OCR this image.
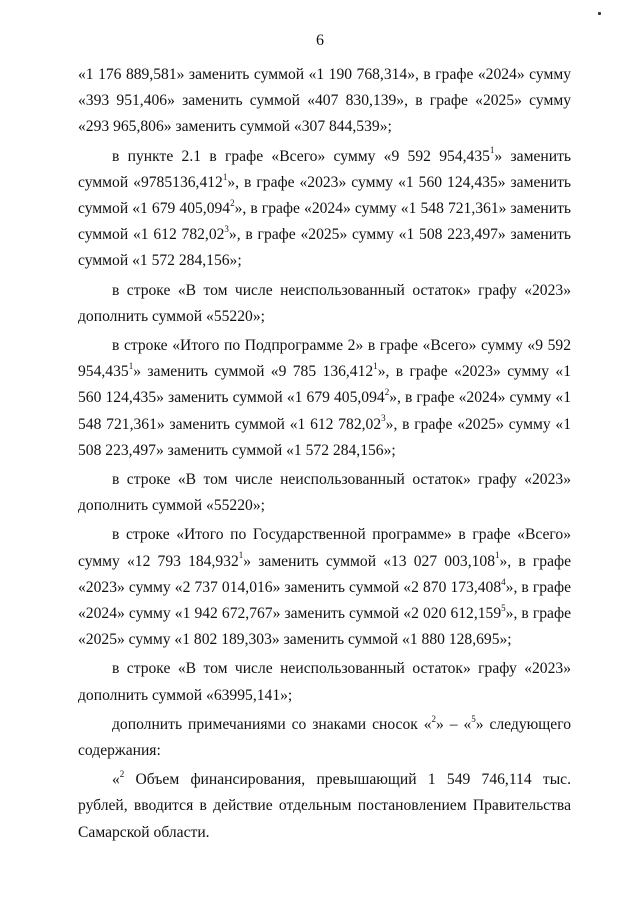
6

«1 176 889,581» заменить суммой «1 190 768,314», в графе «2024» сумму «393 951,406» заменить суммой «407 830,139», в графе «2025» сумму «293 965,806» заменить суммой «307 844,539»;

в пункте 2.1 в графе «Всего» сумму «9 592 954,435$^1$» заменить суммой «9785136,412$^1$», в графе «2023» сумму «1 560 124,435» заменить суммой «1 679 405,094$^2$», в графе «2024» сумму «1 548 721,361» заменить суммой «1 612 782,02$^3$», в графе «2025» сумму «1 508 223,497» заменить суммой «1 572 284,156»;

в строке «В том числе неиспользованный остаток» графу «2023» дополнить суммой «55220»;

в строке «Итого по Подпрограмме 2» в графе «Всего» сумму «9 592 954,435$^1$» заменить суммой «9 785 136,412$^1$», в графе «2023» сумму «1 560 124,435» заменить суммой «1 679 405,094$^2$», в графе «2024» сумму «1 548 721,361» заменить суммой «1 612 782,02$^3$», в графе «2025» сумму «1 508 223,497» заменить суммой «1 572 284,156»;

в строке «В том числе неиспользованный остаток» графу «2023» дополнить суммой «55220»;

в строке «Итого по Государственной программе» в графе «Всего» сумму «12 793 184,932$^1$» заменить суммой «13 027 003,108$^1$», в графе «2023» сумму «2 737 014,016» заменить суммой «2 870 173,408$^4$», в графе «2024» сумму «1 942 672,767» заменить суммой «2 020 612,159$^5$», в графе «2025» сумму «1 802 189,303» заменить суммой «1 880 128,695»;

в строке «В том числе неиспользованный остаток» графу «2023» дополнить суммой «63995,141»;

дополнить примечаниями со знаками сносок «$^2$» – «$^5$» следующего содержания:

«$^2$ Объем финансирования, превышающий 1 549 746,114 тыс. рублей, вводится в действие отдельным постановлением Правительства Самарской области.
